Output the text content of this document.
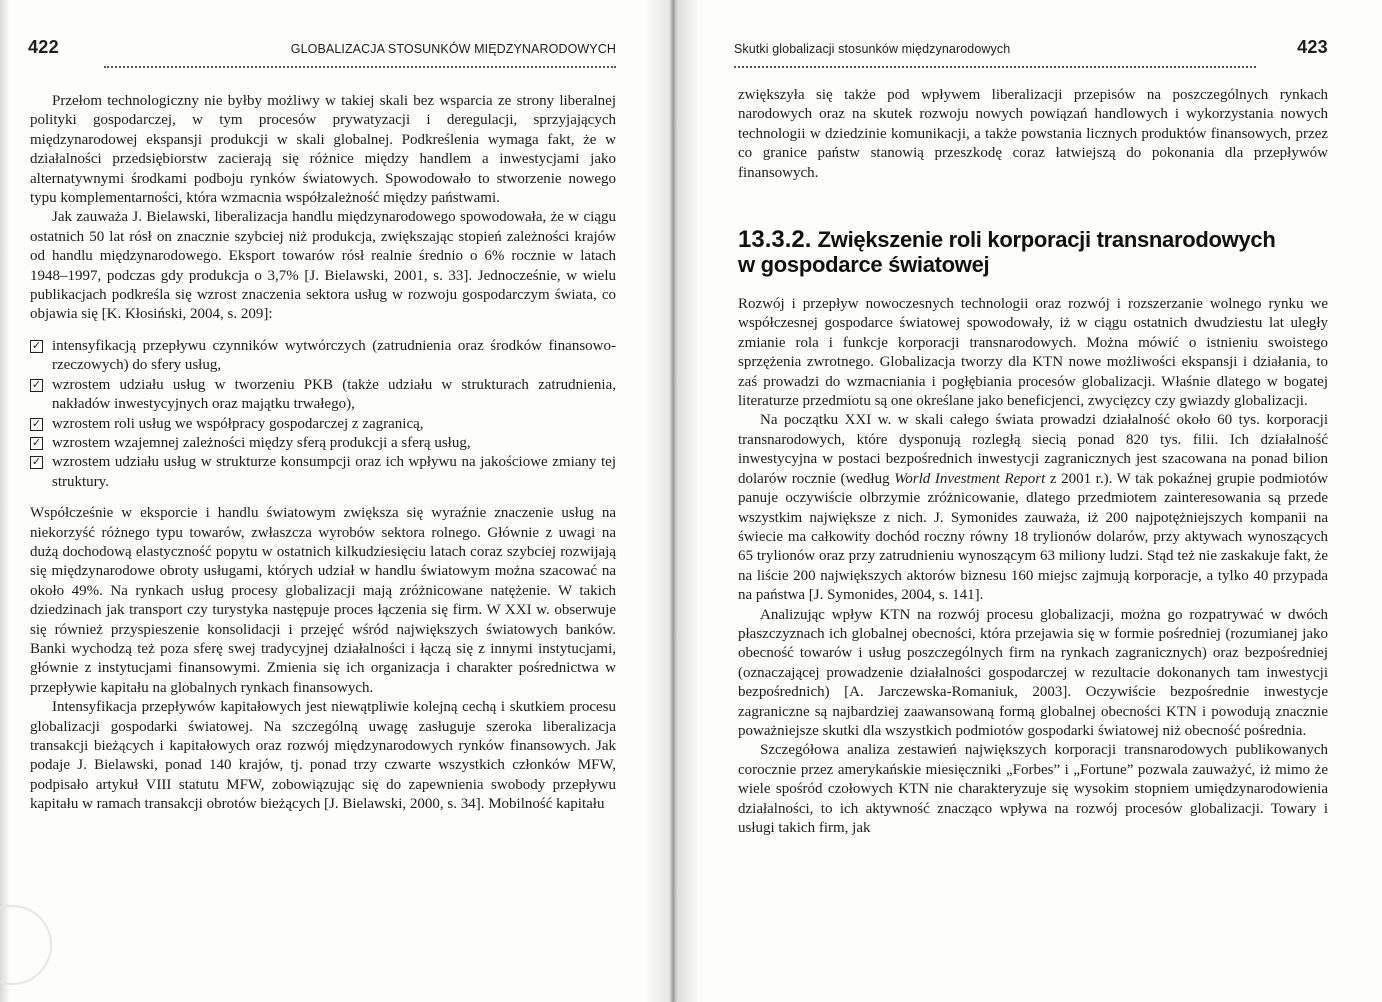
422	GLOBALIZACJA STOSUNKÓW MIĘDZYNARODOWYCH

Przełom technologiczny nie byłby możliwy w takiej skali bez wsparcia ze strony liberalnej polityki gospodarczej, w tym procesów prywatyzacji i deregulacji, sprzyjających międzynarodowej ekspansji produkcji w skali globalnej. Podkreślenia wymaga fakt, że w działalności przedsiębiorstw zacierają się różnice między handlem a inwestycjami jako alternatywnymi środkami podboju rynków światowych. Spowodowało to stworzenie nowego typu komplementarności, która wzmacnia współzależność między państwami.

Jak zauważa J. Bielawski, liberalizacja handlu międzynarodowego spowodowała, że w ciągu ostatnich 50 lat rósł on znacznie szybciej niż produkcja, zwiększając stopień zależności krajów od handlu międzynarodowego. Eksport towarów rósł realnie średnio o 6% rocznie w latach 1948–1997, podczas gdy produkcja o 3,7% [J. Bielawski, 2001, s. 33]. Jednocześnie, w wielu publikacjach podkreśla się wzrost znaczenia sektora usług w rozwoju gospodarczym świata, co objawia się [K. Kłosiński, 2004, s. 209]:

✓ intensyfikacją przepływu czynników wytwórczych (zatrudnienia oraz środków finansowo-rzeczowych) do sfery usług,
✓ wzrostem udziału usług w tworzeniu PKB (także udziału w strukturach zatrudnienia, nakładów inwestycyjnych oraz majątku trwałego),
✓ wzrostem roli usług we współpracy gospodarczej z zagranicą,
✓ wzrostem wzajemnej zależności między sferą produkcji a sferą usług,
✓ wzrostem udziału usług w strukturze konsumpcji oraz ich wpływu na jakościowe zmiany tej struktury.

Współcześnie w eksporcie i handlu światowym zwiększa się wyraźnie znaczenie usług na niekorzyść różnego typu towarów, zwłaszcza wyrobów sektora rolnego. Głównie z uwagi na dużą dochodową elastyczność popytu w ostatnich kilkudziesięciu latach coraz szybciej rozwijają się międzynarodowe obroty usługami, których udział w handlu światowym można szacować na około 49%. Na rynkach usług procesy globalizacji mają zróżnicowane natężenie. W takich dziedzinach jak transport czy turystyka następuje proces łączenia się firm. W XXI w. obserwuje się również przyspieszenie konsolidacji i przejęć wśród największych światowych banków. Banki wychodzą też poza sferę swej tradycyjnej działalności i łączą się z innymi instytucjami, głównie z instytucjami finansowymi. Zmienia się ich organizacja i charakter pośrednictwa w przepływie kapitału na globalnych rynkach finansowych.

Intensyfikacja przepływów kapitałowych jest niewątpliwie kolejną cechą i skutkiem procesu globalizacji gospodarki światowej. Na szczególną uwagę zasługuje szeroka liberalizacja transakcji bieżących i kapitałowych oraz rozwój międzynarodowych rynków finansowych. Jak podaje J. Bielawski, ponad 140 krajów, tj. ponad trzy czwarte wszystkich członków MFW, podpisało artykuł VIII statutu MFW, zobowiązując się do zapewnienia swobody przepływu kapitału w ramach transakcji obrotów bieżących [J. Bielawski, 2000, s. 34]. Mobilność kapitału

Skutki globalizacji stosunków międzynarodowych	423

zwiększyła się także pod wpływem liberalizacji przepisów na poszczególnych rynkach narodowych oraz na skutek rozwoju nowych powiązań handlowych i wykorzystania nowych technologii w dziedzinie komunikacji, a także powstania licznych produktów finansowych, przez co granice państw stanowią przeszkodę coraz łatwiejszą do pokonania dla przepływów finansowych.

13.3.2. Zwiększenie roli korporacji transnarodowych
w gospodarce światowej

Rozwój i przepływ nowoczesnych technologii oraz rozwój i rozszerzanie wolnego rynku we współczesnej gospodarce światowej spowodowały, iż w ciągu ostatnich dwudziestu lat uległy zmianie rola i funkcje korporacji transnarodowych. Można mówić o istnieniu swoistego sprzężenia zwrotnego. Globalizacja tworzy dla KTN nowe możliwości ekspansji i działania, to zaś prowadzi do wzmacniania i pogłębiania procesów globalizacji. Właśnie dlatego w bogatej literaturze przedmiotu są one określane jako beneficjenci, zwycięzcy czy gwiazdy globalizacji.

Na początku XXI w. w skali całego świata prowadzi działalność około 60 tys. korporacji transnarodowych, które dysponują rozległą siecią ponad 820 tys. filii. Ich działalność inwestycyjna w postaci bezpośrednich inwestycji zagranicznych jest szacowana na ponad bilion dolarów rocznie (według World Investment Report z 2001 r.). W tak pokaźnej grupie podmiotów panuje oczywiście olbrzymie zróżnicowanie, dlatego przedmiotem zainteresowania są przede wszystkim największe z nich. J. Symonides zauważa, iż 200 najpotężniejszych kompanii na świecie ma całkowity dochód roczny równy 18 trylionów dolarów, przy aktywach wynoszących 65 trylionów oraz przy zatrudnieniu wynoszącym 63 miliony ludzi. Stąd też nie zaskakuje fakt, że na liście 200 największych aktorów biznesu 160 miejsc zajmują korporacje, a tylko 40 przypada na państwa [J. Symonides, 2004, s. 141].

Analizując wpływ KTN na rozwój procesu globalizacji, można go rozpatrywać w dwóch płaszczyznach ich globalnej obecności, która przejawia się w formie pośredniej (rozumianej jako obecność towarów i usług poszczególnych firm na rynkach zagranicznych) oraz bezpośredniej (oznaczającej prowadzenie działalności gospodarczej w rezultacie dokonanych tam inwestycji bezpośrednich) [A. Jarczewska-Romaniuk, 2003]. Oczywiście bezpośrednie inwestycje zagraniczne są najbardziej zaawansowaną formą globalnej obecności KTN i powodują znacznie poważniejsze skutki dla wszystkich podmiotów gospodarki światowej niż obecność pośrednia.

Szczegółowa analiza zestawień największych korporacji transnarodowych publikowanych corocznie przez amerykańskie miesięczniki „Forbes” i „Fortune” pozwala zauważyć, iż mimo że wiele spośród czołowych KTN nie charakteryzuje się wysokim stopniem umiędzynarodowienia działalności, to ich aktywność znacząco wpływa na rozwój procesów globalizacji. Towary i usługi takich firm, jak
